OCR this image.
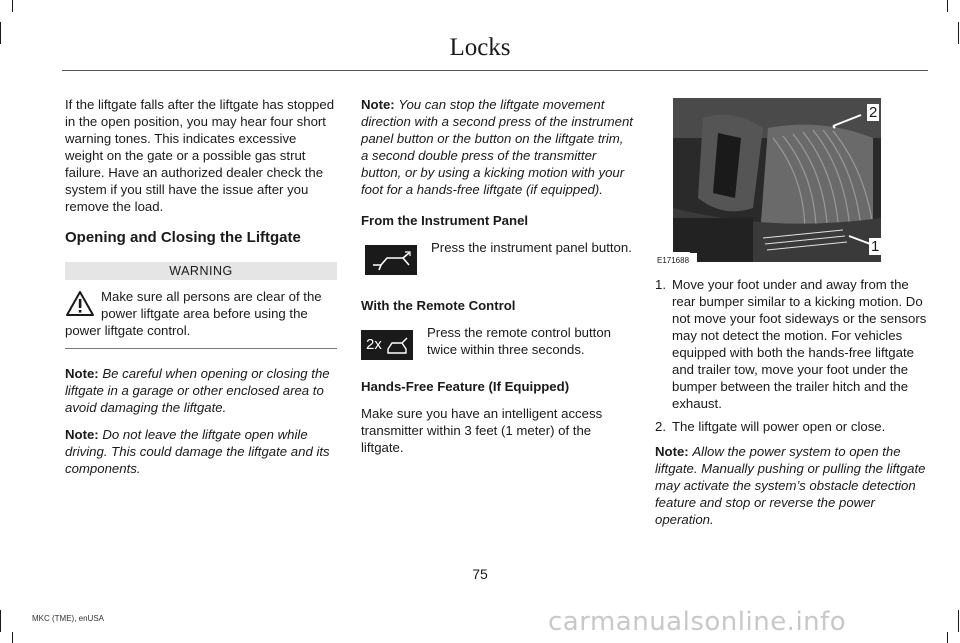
Locks

If the liftgate falls after the liftgate has stopped in the open position, you may hear four short warning tones. This indicates excessive weight on the gate or a possible gas strut failure. Have an authorized dealer check the system if you still have the issue after you remove the load.

Opening and Closing the Liftgate

WARNING
Make sure all persons are clear of the power liftgate area before using the
power liftgate control.

Note: Be careful when opening or closing the liftgate in a garage or other enclosed area to avoid damaging the liftgate.

Note: Do not leave the liftgate open while driving. This could damage the liftgate and its components.

Note: You can stop the liftgate movement direction with a second press of the instrument panel button or the button on the liftgate trim, a second double press of the transmitter button, or by using a kicking motion with your foot for a hands-free liftgate (if equipped).

From the Instrument Panel
Press the instrument panel button.
With the Remote Control
2x
Press the remote control button twice within three seconds.
Hands-Free Feature (If Equipped)

Make sure you have an intelligent access transmitter within 3 feet (1 meter) of the liftgate.

2
1
E171688
1. Move your foot under and away from the rear bumper similar to a kicking motion. Do not move your foot sideways or the sensors may not detect the motion. For vehicles equipped with both the hands-free liftgate and trailer tow, move your foot under the bumper between the trailer hitch and the exhaust.
2. The liftgate will power open or close.

Note: Allow the power system to open the liftgate. Manually pushing or pulling the liftgate may activate the system’s obstacle detection feature and stop or reverse the power operation.

75
MKC (TME), enUSA	carmanualsonline.info
